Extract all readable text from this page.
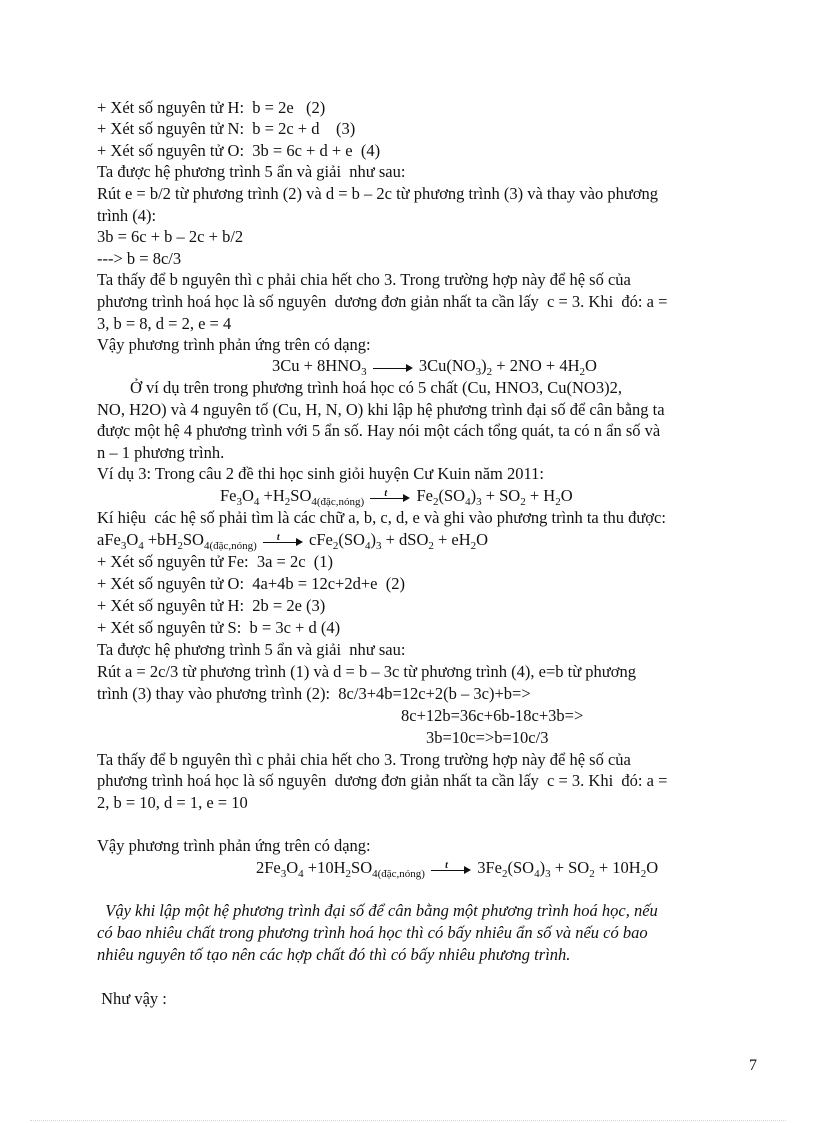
+ Xét số nguyên tử H:  b = 2e   (2)
+ Xét số nguyên tử N:  b = 2c + d    (3)
+ Xét số nguyên tử O:  3b = 6c + d + e  (4)
Ta được hệ phương trình 5 ẩn và giải  như sau:
Rút e = b/2 từ phương trình (2) và d = b – 2c từ phương trình (3) và thay vào phương
trình (4):
3b = 6c + b – 2c + b/2
---> b = 8c/3
Ta thấy để b nguyên thì c phải chia hết cho 3. Trong trường hợp này để hệ số của
phương trình hoá học là số nguyên  dương đơn giản nhất ta cần lấy  c = 3. Khi  đó: a =
3, b = 8, d = 2, e = 4
Vậy phương trình phản ứng trên có dạng:
$3Cu + 8HNO_3$	$3Cu(NO_3)_2 + 2NO + 4H_2O$
Ở ví dụ trên trong phương trình hoá học có 5 chất (Cu, HNO3, Cu(NO3)2,
NO, H2O) và 4 nguyên tố (Cu, H, N, O) khi lập hệ phương trình đại số để cân bằng ta
được một hệ 4 phương trình với 5 ẩn số. Hay nói một cách tổng quát, ta có n ẩn số và
n – 1 phương trình.
Ví dụ 3: Trong câu 2 đề thi học sinh giỏi huyện Cư Kuin năm 2011:
$Fe_3O_4 +H_2SO_{4(đặc,nóng)}$
t $Fe_2(SO_4)_3 + SO_2 + H_2O$
Kí hiệu  các hệ số phải tìm là các chữ a, b, c, d, e và ghi vào phương trình ta thu được:
$aFe_3O_4 +bH_2SO_{4(đặc,nóng)}$
t $cFe_2(SO_4)_3 + dSO_2 + eH_2O$
+ Xét số nguyên tử Fe:  3a = 2c  (1)
+ Xét số nguyên tử O:  4a+4b = 12c+2d+e  (2)
+ Xét số nguyên tử H:  2b = 2e (3)
+ Xét số nguyên tử S:  b = 3c + d (4)
Ta được hệ phương trình 5 ẩn và giải  như sau:
Rút a = 2c/3 từ phương trình (1) và d = b – 3c từ phương trình (4), e=b từ phương
trình (3) thay vào phương trình (2):  8c/3+4b=12c+2(b – 3c)+b=>
8c+12b=36c+6b-18c+3b=>
3b=10c=>b=10c/3
Ta thấy để b nguyên thì c phải chia hết cho 3. Trong trường hợp này để hệ số của
phương trình hoá học là số nguyên  dương đơn giản nhất ta cần lấy  c = 3. Khi  đó: a =
2, b = 10, d = 1, e = 10
Vậy phương trình phản ứng trên có dạng:
$2Fe_3O_4 +10H_2SO_{4(đặc,nóng)}$
t $3Fe_2(SO_4)_3 + SO_2 + 10H_2O$
Vậy khi lập một hệ phương trình đại số để cân bằng một phương trình hoá học, nếu
có bao nhiêu chất trong phương trình hoá học thì có bấy nhiêu ẩn số và nếu có bao
nhiêu nguyên tố tạo nên các hợp chất đó thì có bấy nhiêu phương trình.
Như vậy :
7
